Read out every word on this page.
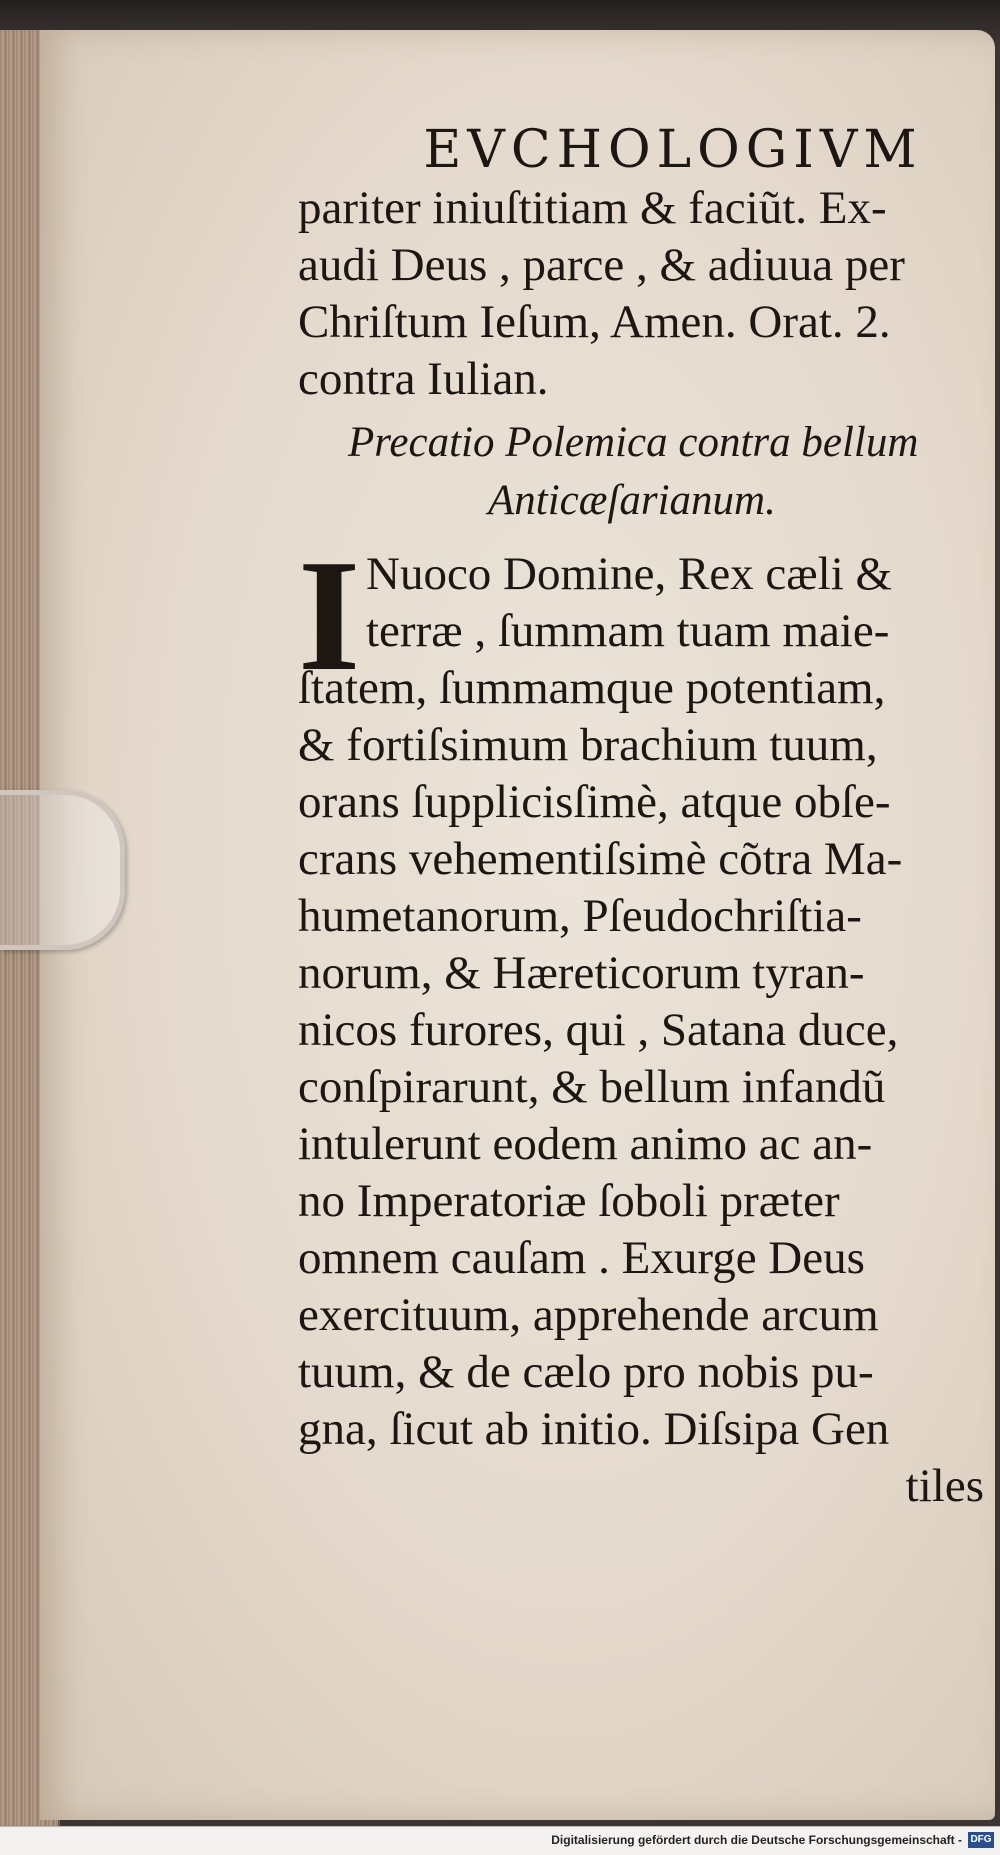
EVCHOLOGIVM
pariter iniuſtitiam & faciũt. Ex-
audi Deus , parce , & adiuua per
Chriſtum Ieſum, Amen. Orat. 2.
contra Iulian.
Precatio Polemica contra bellum
Anticæſarianum.
I Nuoco Domine, Rex cæli &
terræ , ſummam tuam maie-
ſtatem, ſummamque potentiam,
& fortiſsimum brachium tuum,
orans ſupplicisſimè, atque obſe-
crans vehementiſsimè cõtra Ma-
humetanorum, Pſeudochriſtia-
norum, & Hæreticorum tyran-
nicos furores, qui , Satana duce,
conſpirarunt, & bellum infandũ
intulerunt eodem animo ac an-
no Imperatoriæ ſoboli præter
omnem cauſam . Exurge Deus
exercituum, apprehende arcum
tuum, & de cælo pro nobis pu-
gna, ſicut ab initio. Diſsipa Gen
tiles
Digitalisierung gefördert durch die Deutsche Forschungsgemeinschaft - DFG
